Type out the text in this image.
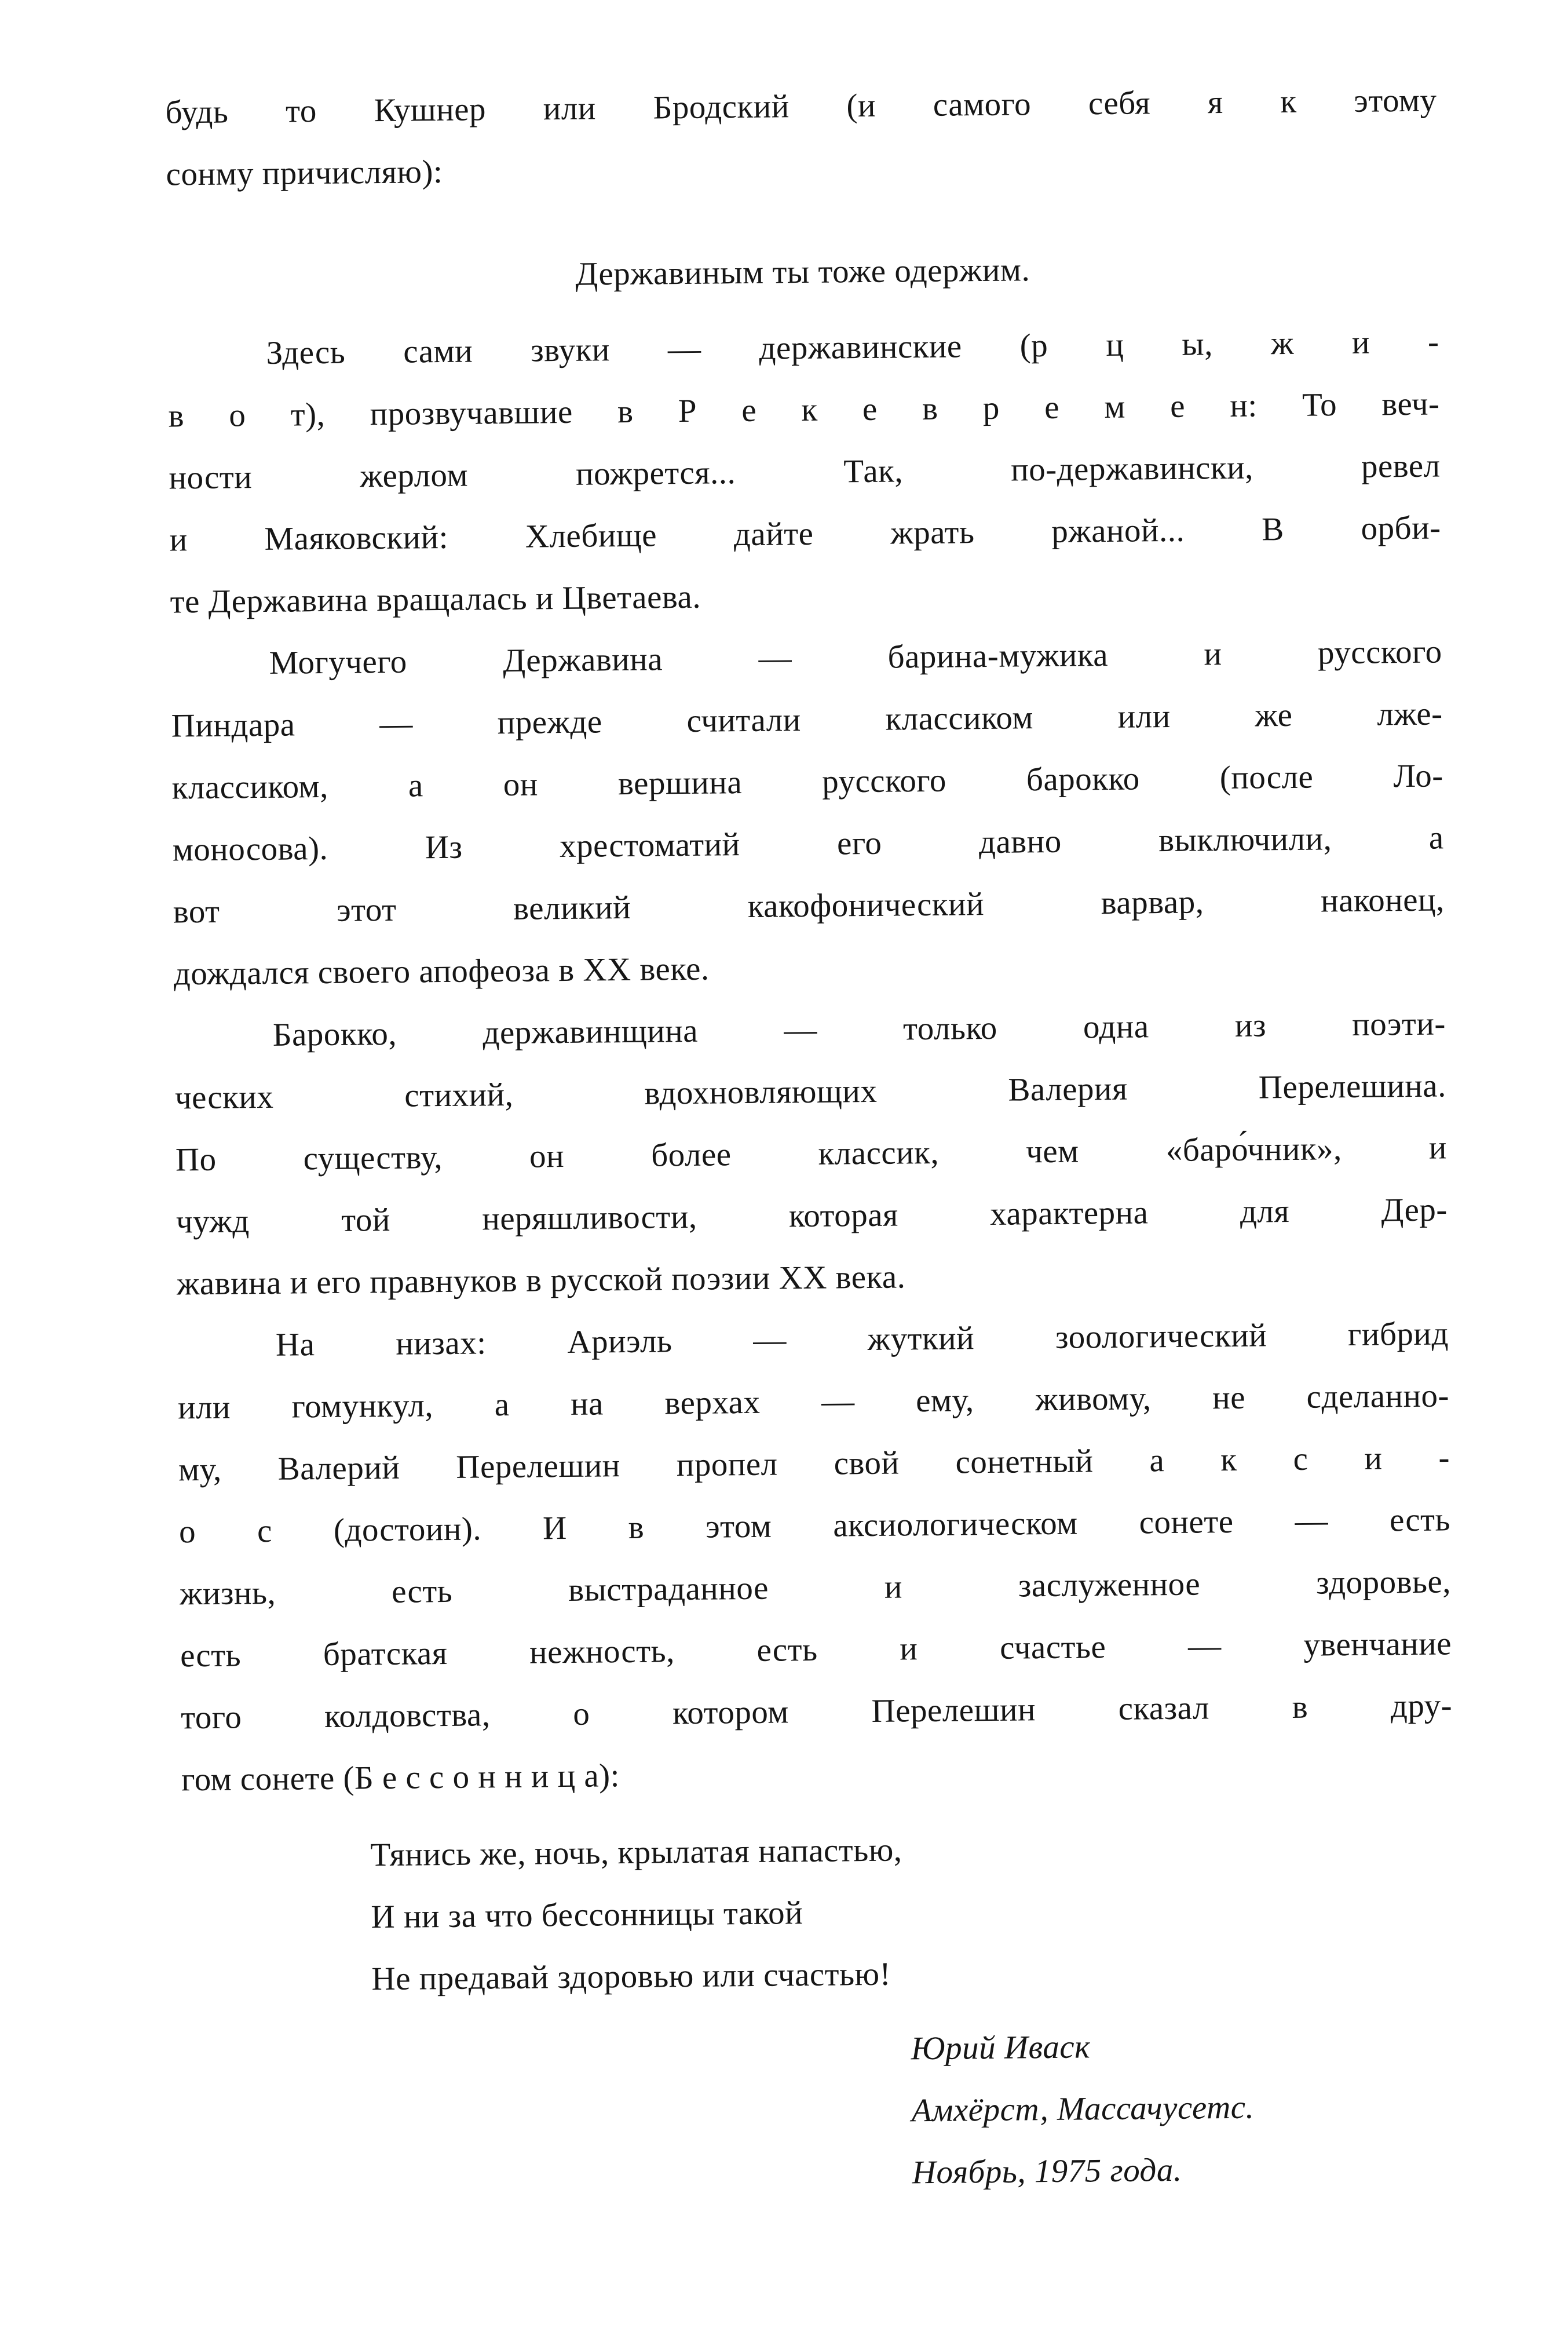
будь то Кушнер или Бродский (и самого себя я к этому
сонму причисляю):
Державиным ты тоже одержим.
Здесь сами звуки — державинские (р ц ы, ж и -
в о т), прозвучавшие в Р е к е в р е м е н: То веч-
ности жерлом пожрется... Так, по-державински, ревел
и Маяковский: Хлебище дайте жрать ржаной... В орби-
те Державина вращалась и Цветаева.
Могучего Державина — барина-мужика и русского
Пиндара — прежде считали классиком или же лже-
классиком, а он вершина русского барокко (после Ло-
моносова). Из хрестоматий его давно выключили, а
вот этот великий какофонический варвар, наконец,
дождался своего апофеоза в XX веке.
Барокко, державинщина — только одна из поэти-
ческих стихий, вдохновляющих Валерия Перелешина.
По существу, он более классик, чем «баро́чник», и
чужд той неряшливости, которая характерна для Дер-
жавина и его правнуков в русской поэзии XX века.
На низах: Ариэль — жуткий зоологический гибрид
или гомункул, а на верхах — ему, живому, не сделанно-
му, Валерий Перелешин пропел свой сонетный а к с и -
о с (достоин). И в этом аксиологическом сонете — есть
жизнь, есть выстраданное и заслуженное здоровье,
есть братская нежность, есть и счастье — увенчание
того колдовства, о котором Перелешин сказал в дру-
гом сонете (Б е с с о н н и ц а):
Тянись же, ночь, крылатая напастью,
И ни за что бессонницы такой
Не предавай здоровью или счастью!
Юрий Иваск
Амхёрст, Массачусетс.
Ноябрь, 1975 года.
